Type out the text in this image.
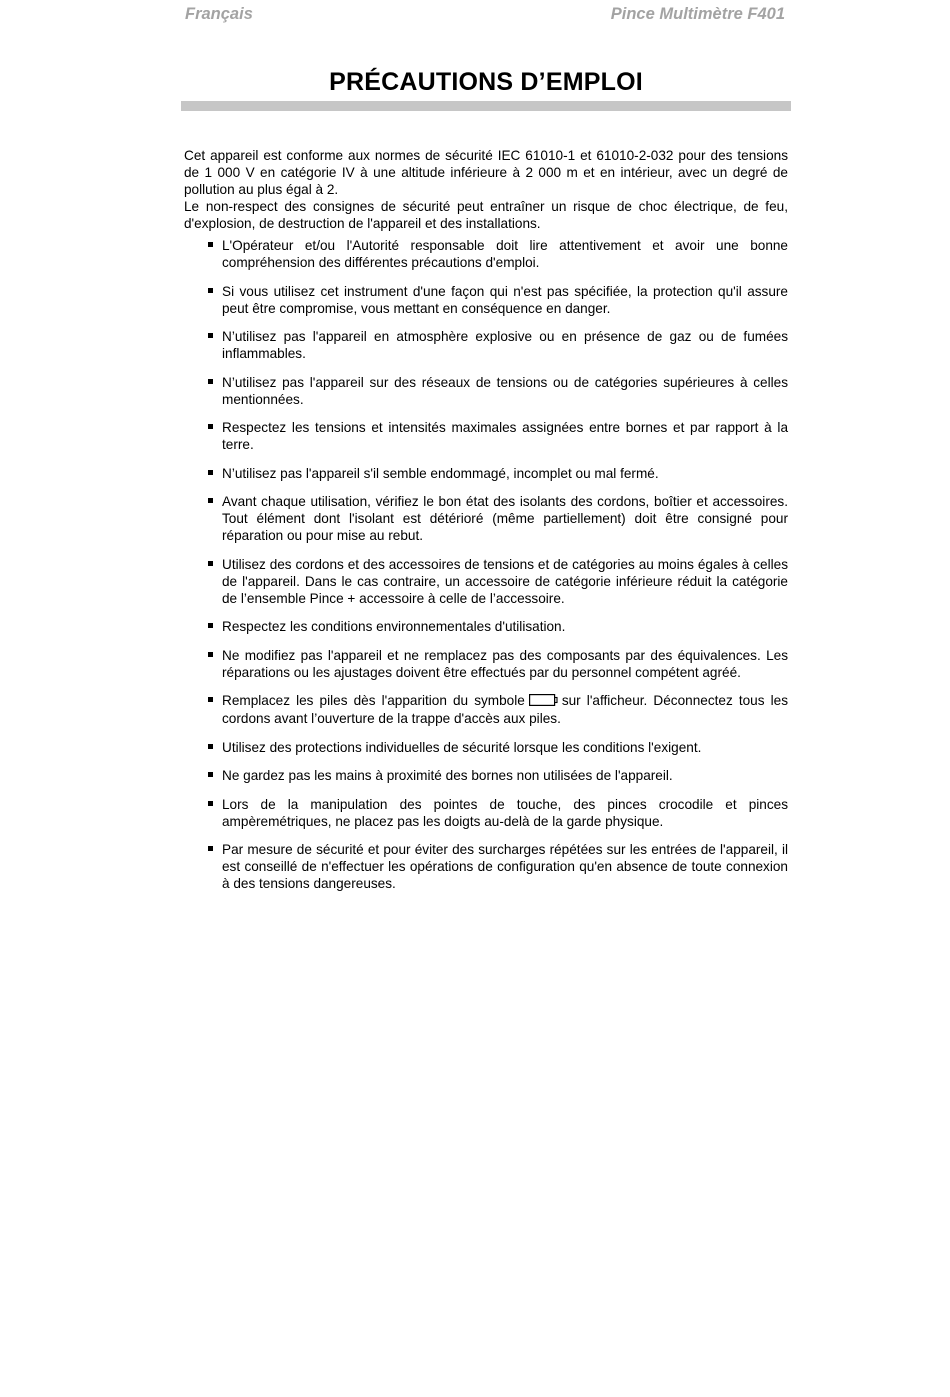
Français	Pince Multimètre F401
PRÉCAUTIONS D’EMPLOI

Cet appareil est conforme aux normes de sécurité IEC 61010-1 et 61010-2-032 pour des tensions de 1 000 V en catégorie IV à une altitude inférieure à 2 000 m et en intérieur, avec un degré de pollution au plus égal à 2.

Le non-respect des consignes de sécurité peut entraîner un risque de choc électrique, de feu, d'explosion, de destruction de l'appareil et des installations.

L'Opérateur et/ou l'Autorité responsable doit lire attentivement et avoir une bonne compréhension des différentes précautions d'emploi.
Si vous utilisez cet instrument d'une façon qui n'est pas spécifiée, la protection qu'il assure peut être compromise, vous mettant en conséquence en danger.
N’utilisez pas l'appareil en atmosphère explosive ou en présence de gaz ou de fumées inflammables.
N’utilisez pas l'appareil sur des réseaux de tensions ou de catégories supérieures à celles mentionnées.
Respectez les tensions et intensités maximales assignées entre bornes et par rapport à la terre.
N’utilisez pas l'appareil s'il semble endommagé, incomplet ou mal fermé.
Avant chaque utilisation, vérifiez le bon état des isolants des cordons, boîtier et accessoires. Tout élément dont l'isolant est détérioré (même partiellement) doit être consigné pour réparation ou pour mise au rebut.
Utilisez des cordons et des accessoires de tensions et de catégories au moins égales à celles de l'appareil. Dans le cas contraire, un accessoire de catégorie inférieure réduit la catégorie de l’ensemble Pince + accessoire à celle de l’accessoire.
Respectez les conditions environnementales d'utilisation.
Ne modifiez pas l'appareil et ne remplacez pas des composants par des équivalences. Les réparations ou les ajustages doivent être effectués par du personnel compétent agréé.
Remplacez les piles dès l'apparition du symbole	sur l'afficheur. Déconnectez tous les cordons avant l’ouverture de la trappe d'accès aux piles.
Utilisez des protections individuelles de sécurité lorsque les conditions l'exigent.
Ne gardez pas les mains à proximité des bornes non utilisées de l'appareil.
Lors de la manipulation des pointes de touche, des pinces crocodile et pinces ampèremétriques, ne placez pas les doigts au-delà de la garde physique.
Par mesure de sécurité et pour éviter des surcharges répétées sur les entrées de l'appareil, il est conseillé de n'effectuer les opérations de configuration qu'en absence de toute connexion à des tensions dangereuses.
